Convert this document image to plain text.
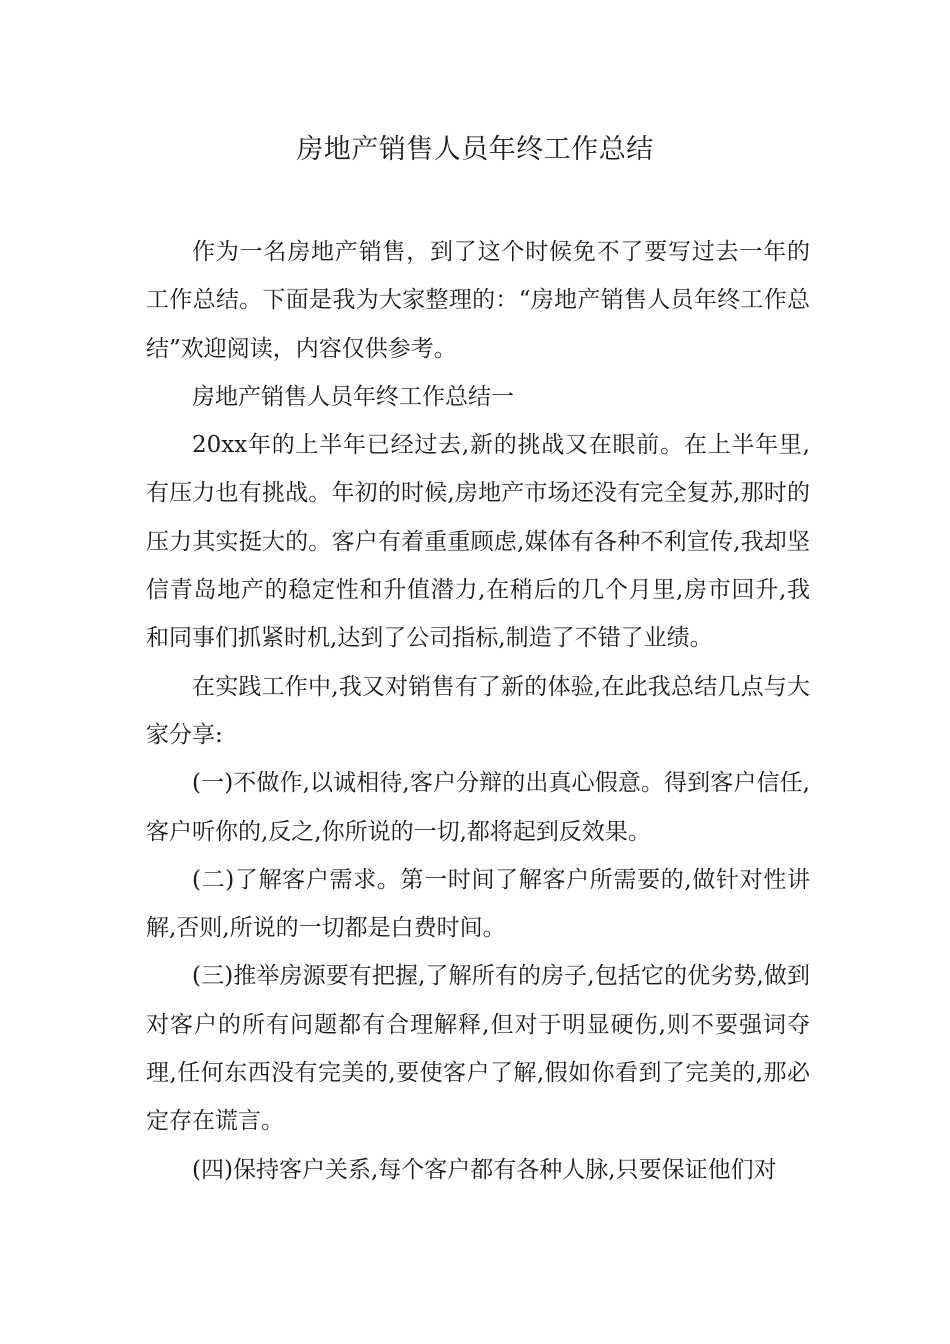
房地产销售人员年终工作总结

作为一名房地产销售，到了这个时候免不了要写过去一年的工作总结。下面是我为大家整理的：“房地产销售人员年终工作总结”欢迎阅读，内容仅供参考。

房地产销售人员年终工作总结一

20xx年的上半年已经过去,新的挑战又在眼前。在上半年里,有压力也有挑战。年初的时候,房地产市场还没有完全复苏,那时的压力其实挺大的。客户有着重重顾虑,媒体有各种不利宣传,我却坚信青岛地产的稳定性和升值潜力,在稍后的几个月里,房市回升,我和同事们抓紧时机,达到了公司指标,制造了不错了业绩。

在实践工作中,我又对销售有了新的体验,在此我总结几点与大家分享:

(一)不做作,以诚相待,客户分辩的出真心假意。得到客户信任,客户听你的,反之,你所说的一切,都将起到反效果。

(二)了解客户需求。第一时间了解客户所需要的,做针对性讲解,否则,所说的一切都是白费时间。

(三)推举房源要有把握,了解所有的房子,包括它的优劣势,做到对客户的所有问题都有合理解释,但对于明显硬伤,则不要强词夺理,任何东西没有完美的,要使客户了解,假如你看到了完美的,那必定存在谎言。

(四)保持客户关系,每个客户都有各种人脉,只要保证他们对
